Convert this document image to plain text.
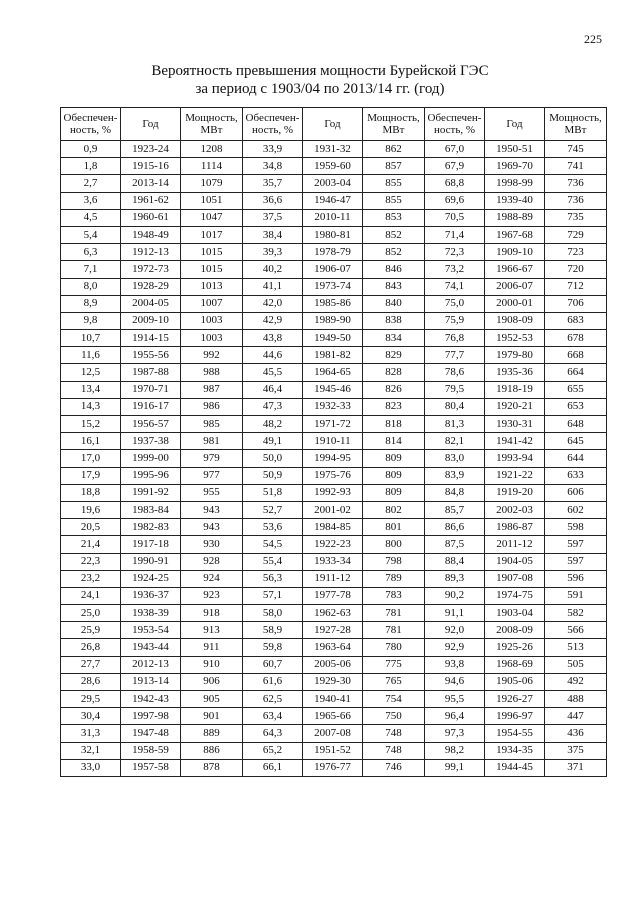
225
Вероятность превышения мощности Бурейской ГЭС
за период с 1903/04 по 2013/14 гг. (год)
Обеспечен-ность, %	Год	Мощность, МВт	Обеспечен-ность, %	Год	Мощность, МВт	Обеспечен-ность, %	Год	Мощность, МВт
0,9	1923-24	1208	33,9	1931-32	862	67,0	1950-51	745
1,8	1915-16	1114	34,8	1959-60	857	67,9	1969-70	741
2,7	2013-14	1079	35,7	2003-04	855	68,8	1998-99	736
3,6	1961-62	1051	36,6	1946-47	855	69,6	1939-40	736
4,5	1960-61	1047	37,5	2010-11	853	70,5	1988-89	735
5,4	1948-49	1017	38,4	1980-81	852	71,4	1967-68	729
6,3	1912-13	1015	39,3	1978-79	852	72,3	1909-10	723
7,1	1972-73	1015	40,2	1906-07	846	73,2	1966-67	720
8,0	1928-29	1013	41,1	1973-74	843	74,1	2006-07	712
8,9	2004-05	1007	42,0	1985-86	840	75,0	2000-01	706
9,8	2009-10	1003	42,9	1989-90	838	75,9	1908-09	683
10,7	1914-15	1003	43,8	1949-50	834	76,8	1952-53	678
11,6	1955-56	992	44,6	1981-82	829	77,7	1979-80	668
12,5	1987-88	988	45,5	1964-65	828	78,6	1935-36	664
13,4	1970-71	987	46,4	1945-46	826	79,5	1918-19	655
14,3	1916-17	986	47,3	1932-33	823	80,4	1920-21	653
15,2	1956-57	985	48,2	1971-72	818	81,3	1930-31	648
16,1	1937-38	981	49,1	1910-11	814	82,1	1941-42	645
17,0	1999-00	979	50,0	1994-95	809	83,0	1993-94	644
17,9	1995-96	977	50,9	1975-76	809	83,9	1921-22	633
18,8	1991-92	955	51,8	1992-93	809	84,8	1919-20	606
19,6	1983-84	943	52,7	2001-02	802	85,7	2002-03	602
20,5	1982-83	943	53,6	1984-85	801	86,6	1986-87	598
21,4	1917-18	930	54,5	1922-23	800	87,5	2011-12	597
22,3	1990-91	928	55,4	1933-34	798	88,4	1904-05	597
23,2	1924-25	924	56,3	1911-12	789	89,3	1907-08	596
24,1	1936-37	923	57,1	1977-78	783	90,2	1974-75	591
25,0	1938-39	918	58,0	1962-63	781	91,1	1903-04	582
25,9	1953-54	913	58,9	1927-28	781	92,0	2008-09	566
26,8	1943-44	911	59,8	1963-64	780	92,9	1925-26	513
27,7	2012-13	910	60,7	2005-06	775	93,8	1968-69	505
28,6	1913-14	906	61,6	1929-30	765	94,6	1905-06	492
29,5	1942-43	905	62,5	1940-41	754	95,5	1926-27	488
30,4	1997-98	901	63,4	1965-66	750	96,4	1996-97	447
31,3	1947-48	889	64,3	2007-08	748	97,3	1954-55	436
32,1	1958-59	886	65,2	1951-52	748	98,2	1934-35	375
33,0	1957-58	878	66,1	1976-77	746	99,1	1944-45	371
